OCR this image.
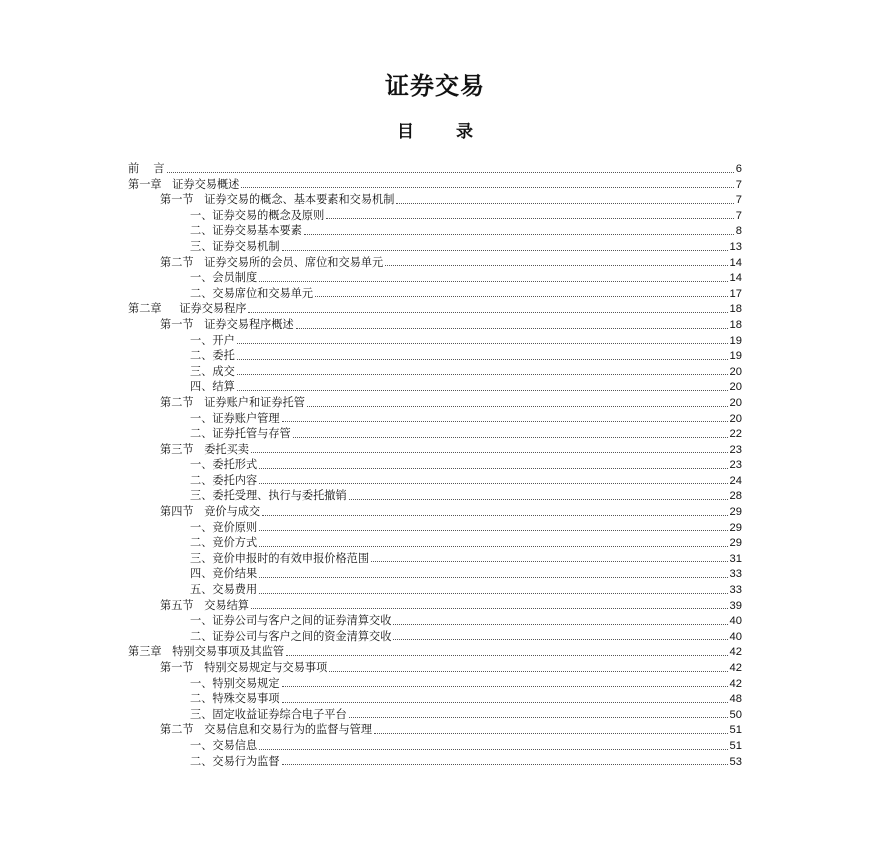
证券交易
目 录
前    言	6
第一章   证券交易概述	7
第一节   证券交易的概念、基本要素和交易机制	7
一、证券交易的概念及原则	7
二、证券交易基本要素	8
三、证券交易机制	13
第二节   证券交易所的会员、席位和交易单元	14
一、会员制度	14
二、交易席位和交易单元	17
第二章     证券交易程序	18
第一节   证券交易程序概述	18
一、开户	19
二、委托	19
三、成交	20
四、结算	20
第二节   证券账户和证券托管	20
一、证券账户管理	20
二、证券托管与存管	22
第三节   委托买卖	23
一、委托形式	23
二、委托内容	24
三、委托受理、执行与委托撤销	28
第四节   竞价与成交	29
一、竞价原则	29
二、竞价方式	29
三、竞价申报时的有效申报价格范围	31
四、竞价结果	33
五、交易费用	33
第五节   交易结算	39
一、证券公司与客户之间的证券清算交收	40
二、证券公司与客户之间的资金清算交收	40
第三章   特别交易事项及其监管	42
第一节   特别交易规定与交易事项	42
一、特别交易规定	42
二、特殊交易事项	48
三、固定收益证券综合电子平台	50
第二节   交易信息和交易行为的监督与管理	51
一、交易信息	51
二、交易行为监督	53
